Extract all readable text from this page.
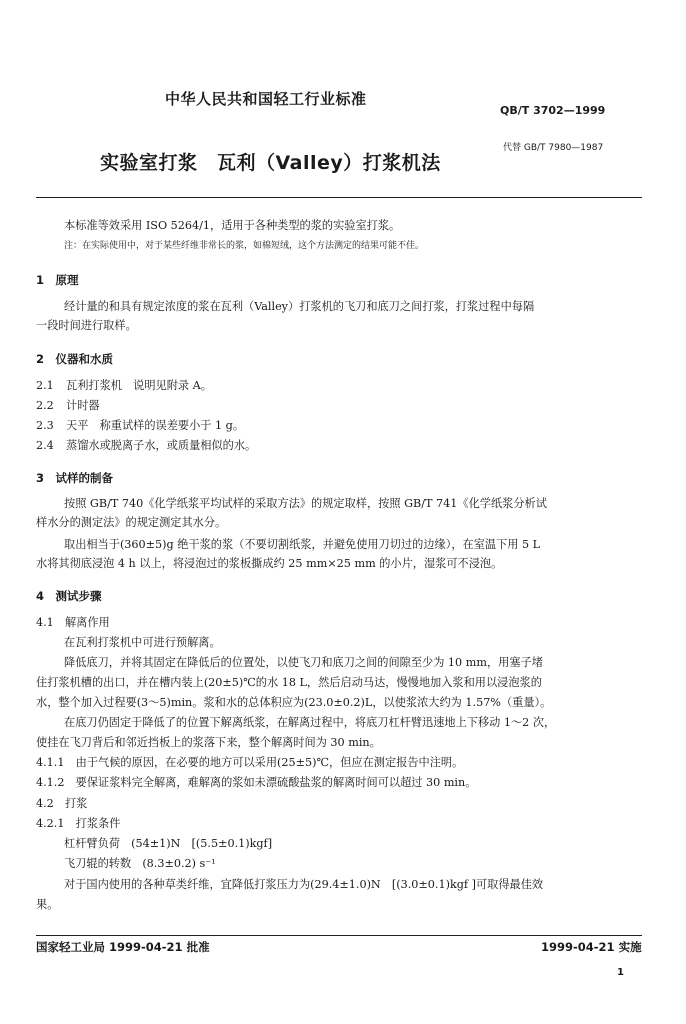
中华人民共和国轻工行业标准
QB/T 3702—1999
实验室打浆　瓦利（Valley）打浆机法
代替 GB/T 7980—1987
本标准等效采用 ISO 5264/1，适用于各种类型的浆的实验室打浆。
注：在实际使用中，对于某些纤维非常长的浆，如棉短绒，这个方法测定的结果可能不佳。
1　原理
经计量的和具有规定浓度的浆在瓦利（Valley）打浆机的飞刀和底刀之间打浆，打浆过程中每隔
一段时间进行取样。
2　仪器和水质
2.1 瓦利打浆机　说明见附录 A。
2.2 计时器
2.3 天平　称重试样的误差要小于 1 g。
2.4 蒸馏水或脱离子水，或质量相似的水。
3　试样的制备
按照 GB/T 740《化学纸浆平均试样的采取方法》的规定取样，按照 GB/T 741《化学纸浆分析试
样水分的测定法》的规定测定其水分。
取出相当于(360±5)g 绝干浆的浆（不要切割纸浆，并避免使用刀切过的边缘），在室温下用 5 L
水将其彻底浸泡 4 h 以上，将浸泡过的浆板撕成约 25 mm×25 mm 的小片，湿浆可不浸泡。
4　测试步骤
4.1　解离作用
在瓦利打浆机中可进行预解离。
降低底刀，并将其固定在降低后的位置处，以使飞刀和底刀之间的间隙至少为 10 mm，用塞子堵
住打浆机槽的出口，并在槽内装上(20±5)℃的水 18 L，然后启动马达，慢慢地加入浆和用以浸泡浆的
水，整个加入过程要(3～5)min。浆和水的总体积应为(23.0±0.2)L，以使浆浓大约为 1.57%（重量）。
在底刀仍固定于降低了的位置下解离纸浆，在解离过程中，将底刀杠杆臂迅速地上下移动 1～2 次，
使挂在飞刀背后和邻近挡板上的浆落下来，整个解离时间为 30 min。
4.1.1　由于气候的原因，在必要的地方可以采用(25±5)℃，但应在测定报告中注明。
4.1.2　要保证浆料完全解离，难解离的浆如未漂硫酸盐浆的解离时间可以超过 30 min。
4.2　打浆
4.2.1　打浆条件
杠杆臂负荷　(54±1)N　[(5.5±0.1)kgf]
飞刀辊的转数　(8.3±0.2) s⁻¹
对于国内使用的各种草类纤维，宜降低打浆压力为(29.4±1.0)N　[(3.0±0.1)kgf ]可取得最佳效
果。
国家轻工业局 1999-04-21 批准	1999-04-21 实施
1
